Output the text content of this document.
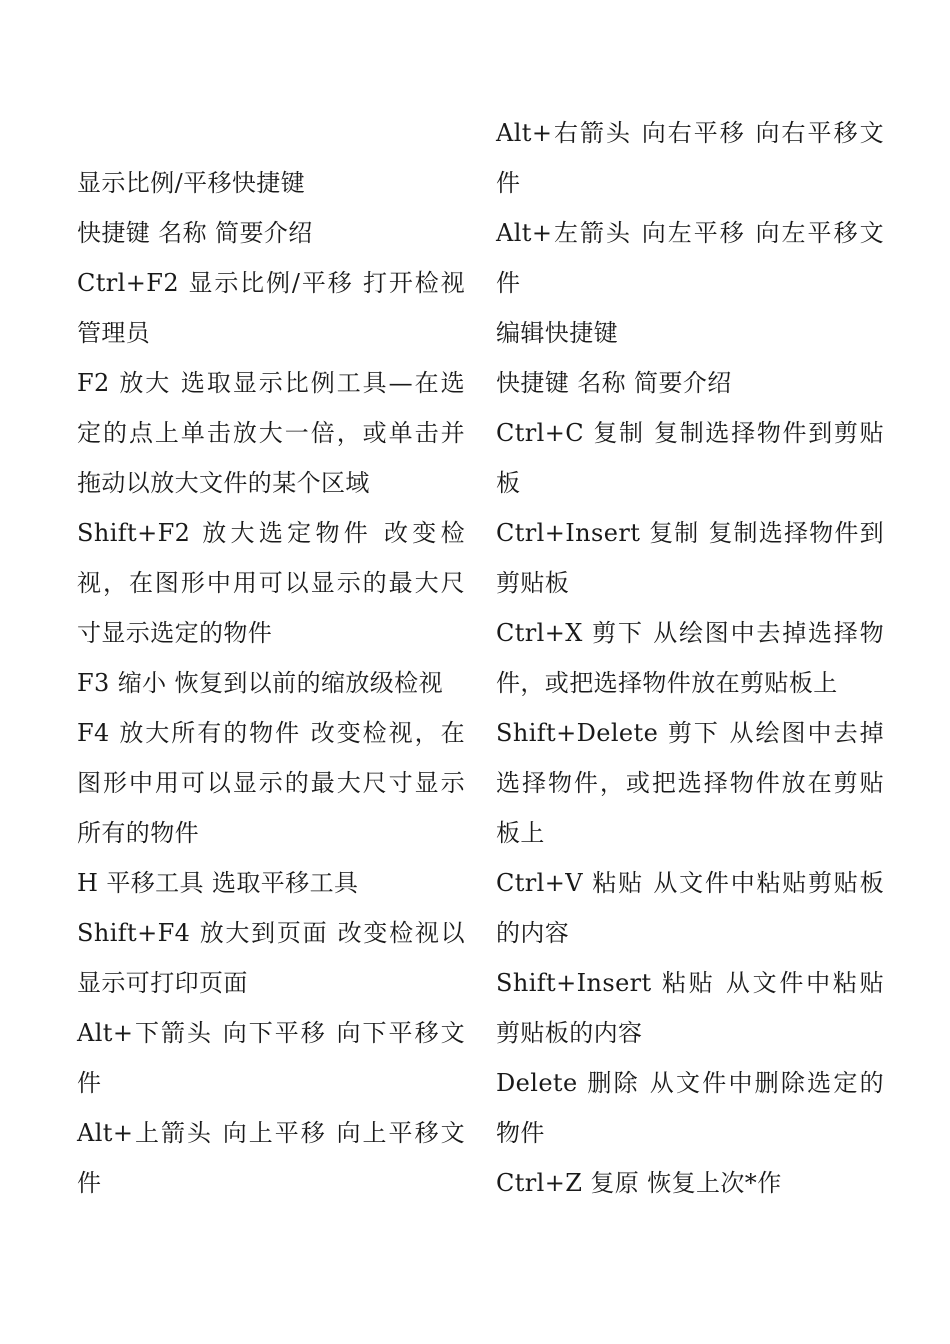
显示比例/平移快捷键

快捷键 名称 简要介绍

Ctrl+F2 显示比例/平移 打开检视管理员

F2 放大 选取显示比例工具—在选定的点上单击放大一倍，或单击并拖动以放大文件的某个区域

Shift+F2 放大选定物件 改变检视，在图形中用可以显示的最大尺寸显示选定的物件

F3 缩小 恢复到以前的缩放级检视

F4 放大所有的物件 改变检视，在图形中用可以显示的最大尺寸显示所有的物件

H 平移工具 选取平移工具

Shift+F4 放大到页面 改变检视以显示可打印页面

Alt+下箭头 向下平移 向下平移文件

Alt+上箭头 向上平移 向上平移文件

Alt+右箭头 向右平移 向右平移文件

Alt+左箭头 向左平移 向左平移文件

编辑快捷键

快捷键 名称 简要介绍

Ctrl+C 复制 复制选择物件到剪贴板

Ctrl+Insert 复制 复制选择物件到剪贴板

Ctrl+X 剪下 从绘图中去掉选择物件，或把选择物件放在剪贴板上

Shift+Delete 剪下 从绘图中去掉选择物件，或把选择物件放在剪贴板上

Ctrl+V 粘贴 从文件中粘贴剪贴板的内容

Shift+Insert 粘贴 从文件中粘贴剪贴板的内容

Delete 删除 从文件中删除选定的物件

Ctrl+Z 复原 恢复上次*作
